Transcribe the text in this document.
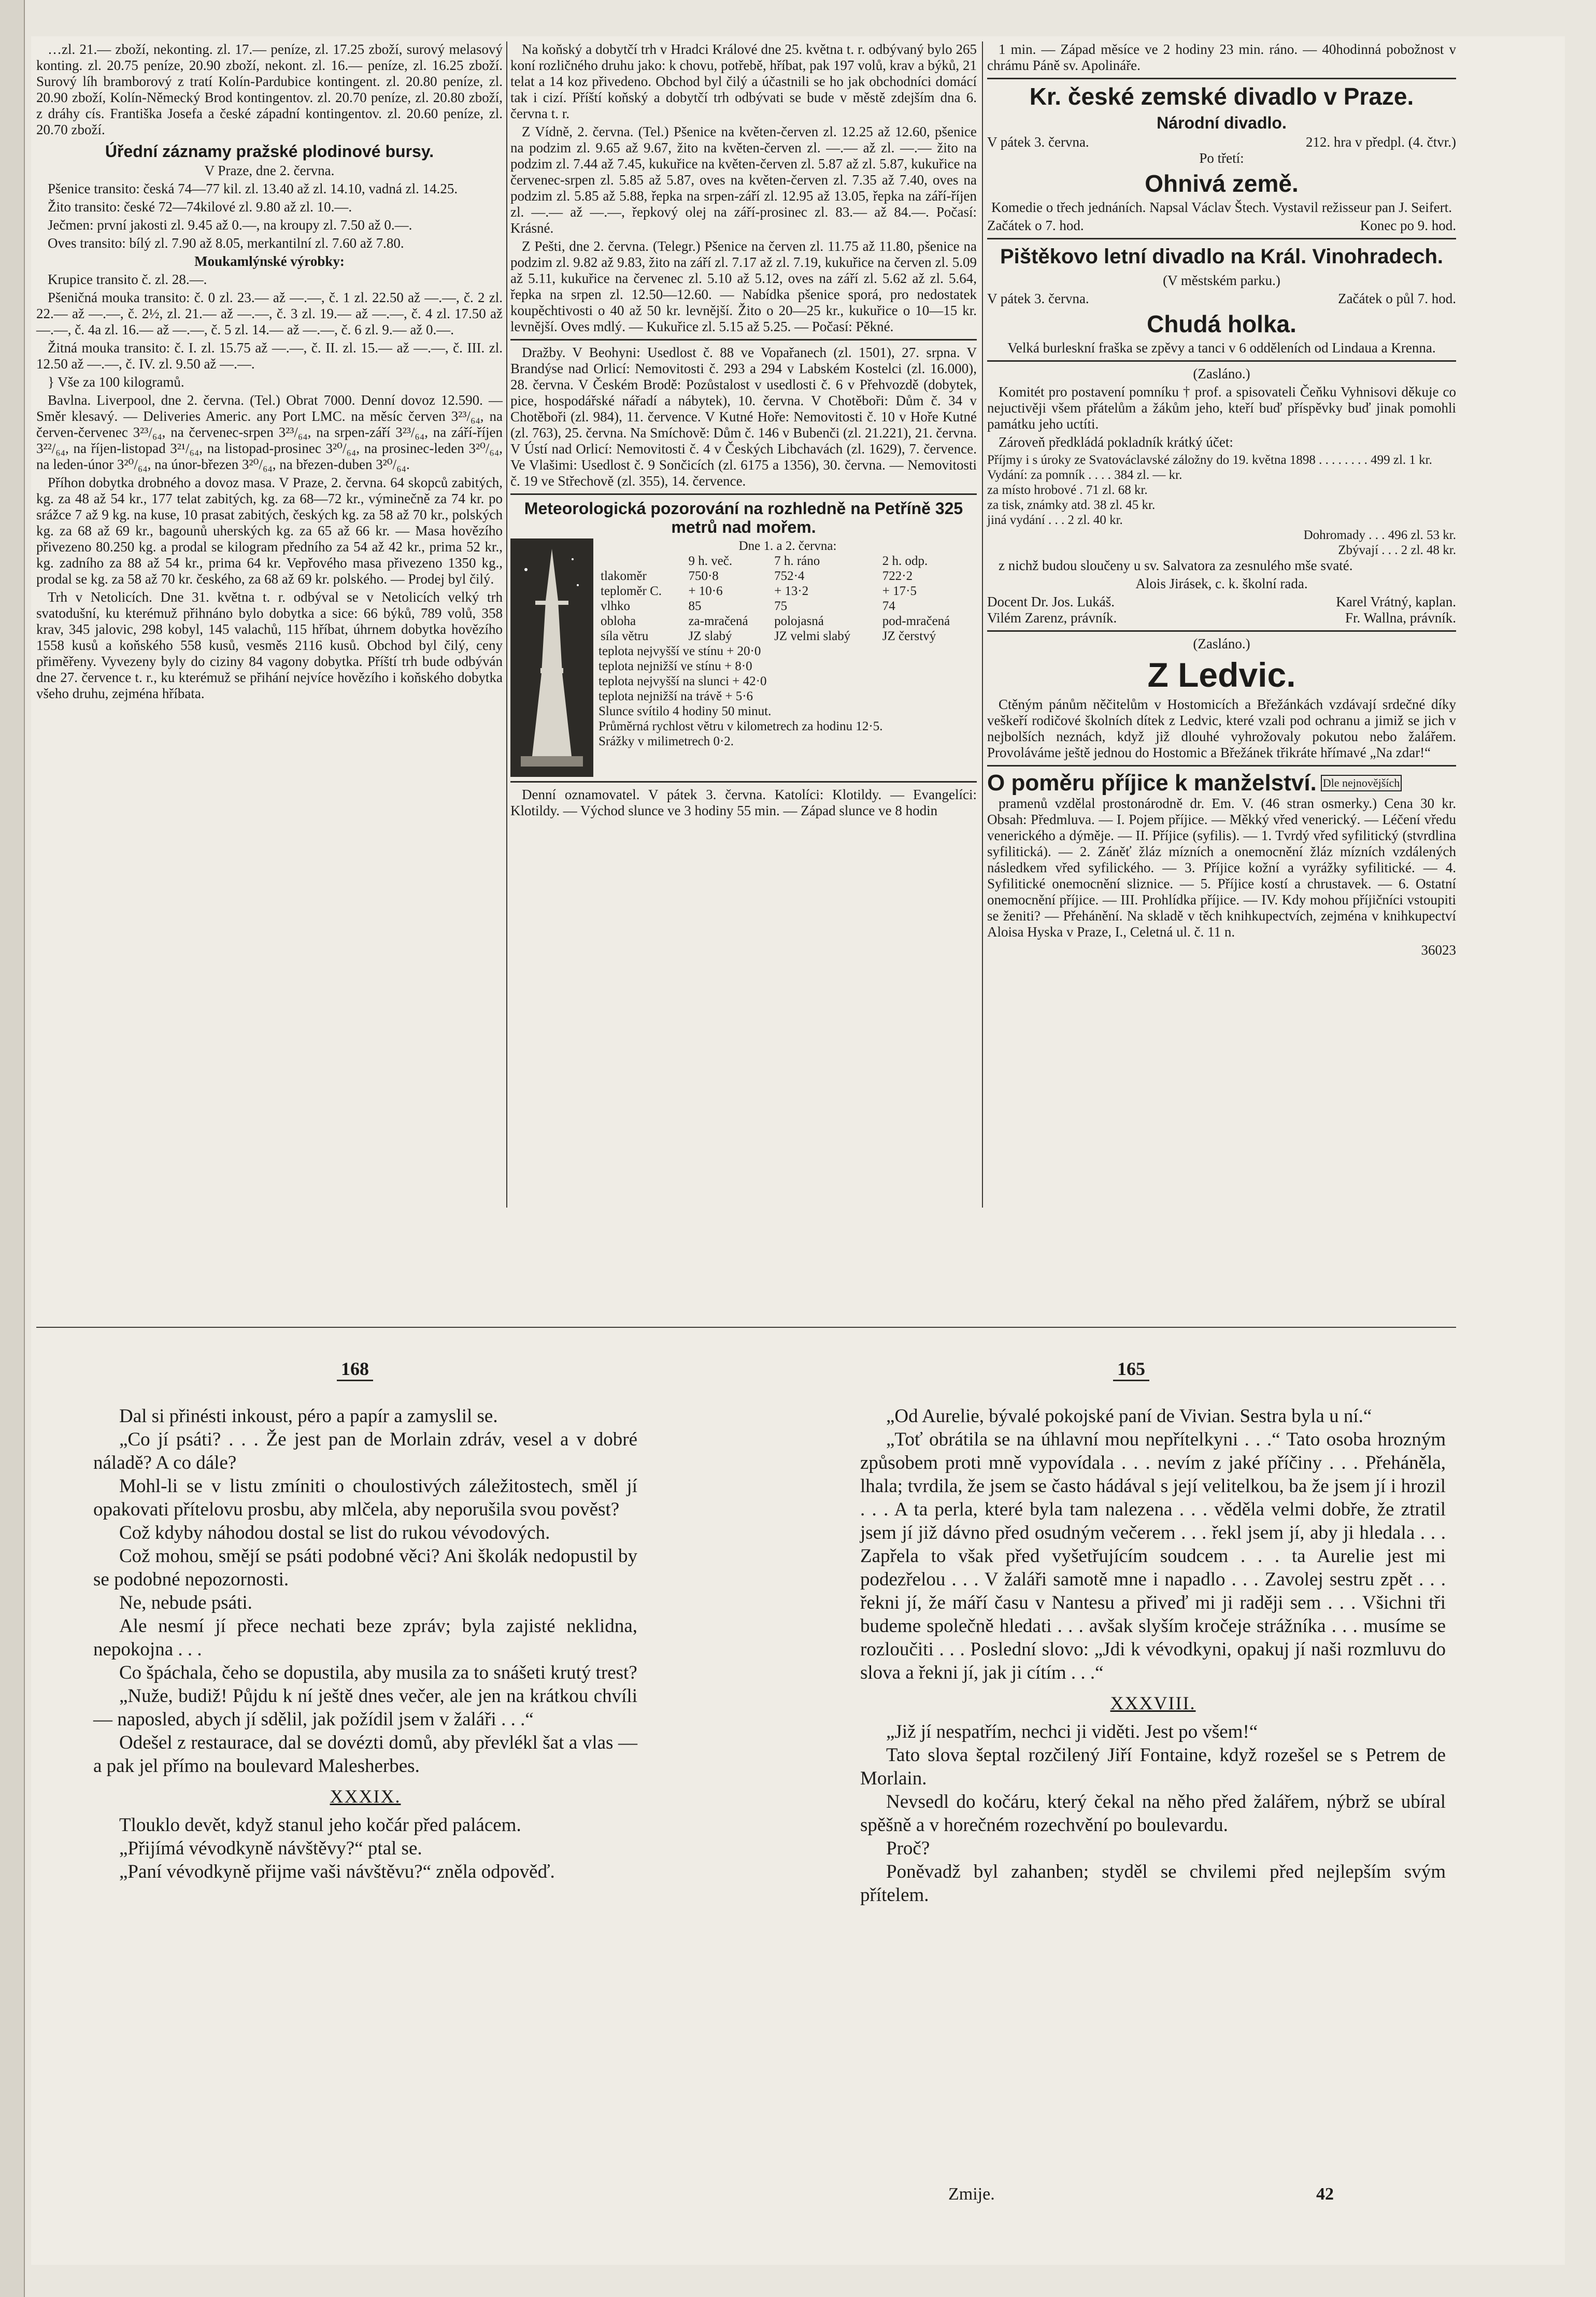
…zl. 21.— zboží, nekonting. zl. 17.— peníze, zl. 17.25 zboží, surový melasový konting. zl. 20.75 peníze, 20.90 zboží, nekont. zl. 16.— peníze, zl. 16.25 zboží. Surový líh bramborový z tratí Kolín-Pardubice kontingent. zl. 20.80 peníze, zl. 20.90 zboží, Kolín-Německý Brod kontingentov. zl. 20.70 peníze, zl. 20.80 zboží, z dráhy cís. Františka Josefa a české západní kontingentov. zl. 20.60 peníze, zl. 20.70 zboží.

Úřední záznamy pražské plodinové bursy.

V Praze, dne 2. června.

Pšenice transito: česká 74—77 kil. zl. 13.40 až zl. 14.10, vadná zl. 14.25.

Žito transito: české 72—74kilové zl. 9.80 až zl. 10.—.

Ječmen: první jakosti zl. 9.45 až 0.—, na kroupy zl. 7.50 až 0.—.

Oves transito: bílý zl. 7.90 až 8.05, merkantilní zl. 7.60 až 7.80.

Moukamlýnské výrobky:

Krupice transito č. zl. 28.—.

Pšeničná mouka transito: č. 0 zl. 23.— až —.—, č. 1 zl. 22.50 až —.—, č. 2 zl. 22.— až —.—, č. 2½, zl. 21.— až —.—, č. 3 zl. 19.— až —.—, č. 4 zl. 17.50 až —.—, č. 4a zl. 16.— až —.—, č. 5 zl. 14.— až —.—, č. 6 zl. 9.— až 0.—.

Žitná mouka transito: č. I. zl. 15.75 až —.—, č. II. zl. 15.— až —.—, č. III. zl. 12.50 až —.—, č. IV. zl. 9.50 až —.—.

} Vše za 100 kilogramů.

Bavlna. Liverpool, dne 2. června. (Tel.) Obrat 7000. Denní dovoz 12.590. — Směr klesavý. — Deliveries Americ. any Port LMC. na měsíc červen 3²³/₆₄, na červen-červenec 3²³/₆₄, na červenec-srpen 3²³/₆₄, na srpen-září 3²³/₆₄, na září-říjen 3²²/₆₄, na říjen-listopad 3²¹/₆₄, na listopad-prosinec 3²⁰/₆₄, na prosinec-leden 3²⁰/₆₄, na leden-únor 3²⁰/₆₄, na únor-březen 3²⁰/₆₄, na březen-duben 3²⁰/₆₄.

Příhon dobytka drobného a dovoz masa. V Praze, 2. června. 64 skopců zabitých, kg. za 48 až 54 kr., 177 telat zabitých, kg. za 68—72 kr., výminečně za 74 kr. po srážce 7 až 9 kg. na kuse, 10 prasat zabitých, českých kg. za 58 až 70 kr., polských kg. za 68 až 69 kr., bagounů uherských kg. za 65 až 66 kr. — Masa hovězího přivezeno 80.250 kg. a prodal se kilogram předního za 54 až 42 kr., prima 52 kr., kg. zadního za 88 až 54 kr., prima 64 kr. Vepřového masa přivezeno 1350 kg., prodal se kg. za 58 až 70 kr. českého, za 68 až 69 kr. polského. — Prodej byl čilý.

Trh v Netolicích. Dne 31. května t. r. odbýval se v Netolicích velký trh svatodušní, ku kterémuž přihnáno bylo dobytka a sice: 66 býků, 789 volů, 358 krav, 345 jalovic, 298 kobyl, 145 valachů, 115 hříbat, úhrnem dobytka hovězího 1558 kusů a koňského 558 kusů, vesměs 2116 kusů. Obchod byl čilý, ceny přiměřeny. Vyvezeny byly do ciziny 84 vagony dobytka. Příští trh bude odbýván dne 27. července t. r., ku kterémuž se přihání nejvíce hovězího i koňského dobytka všeho druhu, zejména hříbata.

Na koňský a dobytčí trh v Hradci Králové dne 25. května t. r. odbývaný bylo 265 koní rozličného druhu jako: k chovu, potřebě, hříbat, pak 197 volů, krav a býků, 21 telat a 14 koz přivedeno. Obchod byl čilý a účastnili se ho jak obchodníci domácí tak i cizí. Příští koňský a dobytčí trh odbývati se bude v městě zdejším dna 6. června t. r.

Z Vídně, 2. června. (Tel.) Pšenice na květen-červen zl. 12.25 až 12.60, pšenice na podzim zl. 9.65 až 9.67, žito na květen-červen zl. —.— až zl. —.— žito na podzim zl. 7.44 až 7.45, kukuřice na květen-červen zl. 5.87 až zl. 5.87, kukuřice na červenec-srpen zl. 5.85 až 5.87, oves na květen-červen zl. 7.35 až 7.40, oves na podzim zl. 5.85 až 5.88, řepka na srpen-září zl. 12.95 až 13.05, řepka na září-říjen zl. —.— až —.—, řepkový olej na září-prosinec zl. 83.— až 84.—. Počasí: Krásné.

Z Pešti, dne 2. června. (Telegr.) Pšenice na červen zl. 11.75 až 11.80, pšenice na podzim zl. 9.82 až 9.83, žito na září zl. 7.17 až zl. 7.19, kukuřice na červen zl. 5.09 až 5.11, kukuřice na červenec zl. 5.10 až 5.12, oves na září zl. 5.62 až zl. 5.64, řepka na srpen zl. 12.50—12.60. — Nabídka pšenice sporá, pro nedostatek koupěchtivosti o 40 až 50 kr. levnější. Žito o 20—25 kr., kukuřice o 10—15 kr. levnější. Oves mdlý. — Kukuřice zl. 5.15 až 5.25. — Počasí: Pěkné.

Dražby. V Beohyni: Usedlost č. 88 ve Vopařanech (zl. 1501), 27. srpna. V Brandýse nad Orlicí: Nemovitosti č. 293 a 294 v Labském Kostelci (zl. 16.000), 28. června. V Českém Brodě: Pozůstalost v usedlosti č. 6 v Přehvozdě (dobytek, pice, hospodářské nářadí a nábytek), 10. června. V Chotěboři: Dům č. 34 v Chotěboři (zl. 984), 11. července. V Kutné Hoře: Nemovitosti č. 10 v Hoře Kutné (zl. 763), 25. června. Na Smíchově: Dům č. 146 v Bubenči (zl. 21.221), 21. června. V Ústí nad Orlicí: Nemovitosti č. 4 v Českých Libchavách (zl. 1629), 7. července. Ve Vlašimi: Usedlost č. 9 Sončicích (zl. 6175 a 1356), 30. června. — Nemovitosti č. 19 ve Střechově (zl. 355), 14. července.

Meteorologická pozorování na rozhledně na Petříně 325 metrů nad mořem.
Dne 1. a 2. června:
	9 h. več.	7 h. ráno	2 h. odp.
tlakoměr	750·8	752·4	722·2
teploměr C.	+ 10·6	+ 13·2	+ 17·5
vlhko	85	75	74
obloha	za-mračená	polojasná	pod-mračená
síla větru	JZ slabý	JZ velmi slabý	JZ čerstvý
teplota nejvyšší ve stínu + 20·0
teplota nejnižší ve stínu + 8·0
teplota nejvyšší na slunci + 42·0
teplota nejnižší na trávě + 5·6
Slunce svítilo 4 hodiny 50 minut.
Průměrná rychlost větru v kilometrech za hodinu 12·5.
Srážky v milimetrech 0·2.

Denní oznamovatel. V pátek 3. června. Katolíci: Klotildy. — Evangelíci: Klotildy. — Východ slunce ve 3 hodiny 55 min. — Západ slunce ve 8 hodin

1 min. — Západ měsíce ve 2 hodiny 23 min. ráno. — 40hodinná pobožnost v chrámu Páně sv. Apolináře.

Kr. české zemské divadlo v Praze.
Národní divadlo.
V pátek 3. června.	212. hra v předpl. (4. čtvr.)

Po třetí:

Ohnivá země.

Komedie o třech jednáních. Napsal Václav Štech. Vystavil režisseur pan J. Seifert.

Začátek o 7. hod.	Konec po 9. hod.
Pištěkovo letní divadlo na Král. Vinohradech.

(V městském parku.)

V pátek 3. června.	Začátek o půl 7. hod.
Chudá holka.

Velká burleskní fraška se zpěvy a tanci v 6 odděleních od Lindaua a Krenna.

(Zasláno.)

Komitét pro postavení pomníku † prof. a spisovateli Čeňku Vyhnisovi děkuje co nejuctivěji všem přátelům a žákům jeho, kteří buď příspěvky buď jinak pomohli památku jeho uctíti.

Zároveň předkládá pokladník krátký účet:

Příjmy i s úroky ze Svatováclavské záložny do 19. května 1898 . . . . . . . . 499 zl. 1 kr.
Vydání: za pomník . . . . 384 zl. — kr.
za místo hrobové . 71 zl. 68 kr.
za tisk, známky atd. 38 zl. 45 kr.
jiná vydání . . . 2 zl. 40 kr.
Dohromady . . . 496 zl. 53 kr.
Zbývají . . . 2 zl. 48 kr.

z nichž budou sloučeny u sv. Salvatora za zesnulého mše svaté.

Alois Jirásek, c. k. školní rada.

Docent Dr. Jos. Lukáš.	Karel Vrátný, kaplan.
Vilém Zarenz, právník.	Fr. Wallna, právník.

(Zasláno.)

Z Ledvic.

Ctěným pánům něčitelům v Hostomicích a Břežánkách vzdávají srdečné díky veškeří rodičové školních dítek z Ledvic, které vzali pod ochranu a jimiž se jich v nejbolších neznách, když již dlouhé vyhrožovaly pokutou nebo žalářem. Provoláváme ještě jednou do Hostomic a Břežánek třikráte hřímavé „Na zdar!“

O poměru příjice k manželství. Dle nejnovějších

pramenů vzdělal prostonárodně dr. Em. V. (46 stran osmerky.) Cena 30 kr. Obsah: Předmluva. — I. Pojem příjice. — Měkký vřed venerický. — Léčení vředu venerického a dýměje. — II. Příjice (syfilis). — 1. Tvrdý vřed syfilitický (stvrdlina syfilitická). — 2. Záněť žláz mízních a onemocnění žláz mízních vzdálených následkem vřed syfilického. — 3. Příjice kožní a vyrážky syfilitické. — 4. Syfilitické onemocnění sliznice. — 5. Příjice kostí a chrustavek. — 6. Ostatní onemocnění příjice. — III. Prohlídka příjice. — IV. Kdy mohou příjičníci vstoupiti se ženiti? — Přehánění. Na skladě v těch knihkupectvích, zejména v knihkupectví Aloisa Hyska v Praze, I., Celetná ul. č. 11 n.

36023

168	165

Dal si přinésti inkoust, péro a papír a zamyslil se.

„Co jí psáti? . . . Že jest pan de Morlain zdráv, vesel a v dobré náladě? A co dále?

Mohl-li se v listu zmíniti o choulostivých záležitostech, směl jí opakovati přítelovu prosbu, aby mlčela, aby neporušila svou pověst?

Což kdyby náhodou dostal se list do rukou vévodových.

Což mohou, smějí se psáti podobné věci? Ani školák nedopustil by se podobné nepozornosti.

Ne, nebude psáti.

Ale nesmí jí přece nechati beze zpráv; byla zajisté neklidna, nepokojna . . .

Co špáchala, čeho se dopustila, aby musila za to snášeti krutý trest?

„Nuže, budiž! Půjdu k ní ještě dnes večer, ale jen na krátkou chvíli — naposled, abych jí sdělil, jak požídil jsem v žaláři . . .“

Odešel z restaurace, dal se dovézti domů, aby převlékl šat a vlas — a pak jel přímo na boulevard Malesherbes.

XXXIX.

Tlouklo devět, když stanul jeho kočár před palácem.

„Přijímá vévodkyně návštěvy?“ ptal se.

„Paní vévodkyně přijme vaši návštěvu?“ zněla odpověď.

„Od Aurelie, bývalé pokojské paní de Vivian. Sestra byla u ní.“

„Toť obrátila se na úhlavní mou nepřítelkyni . . .“ Tato osoba hrozným způsobem proti mně vypovídala . . . nevím z jaké příčiny . . . Přeháněla, lhala; tvrdila, že jsem se často hádával s její velitelkou, ba že jsem jí i hrozil . . . A ta perla, které byla tam nalezena . . . věděla velmi dobře, že ztratil jsem jí již dávno před osudným večerem . . . řekl jsem jí, aby ji hledala . . . Zapřela to však před vyšetřujícím soudcem . . . ta Aurelie jest mi podezřelou . . . V žaláři samotě mne i napadlo . . . Zavolej sestru zpět . . . řekni jí, že máří času v Nantesu a přiveď mi ji raději sem . . . Všichni tři budeme společně hledati . . . avšak slyším kročeje strážníka . . . musíme se rozloučiti . . . Poslední slovo: „Jdi k vévodkyni, opakuj jí naši rozmluvu do slova a řekni jí, jak ji cítím . . .“

XXXVIII.

„Již jí nespatřím, nechci ji viděti. Jest po všem!“

Tato slova šeptal rozčilený Jiří Fontaine, když rozešel se s Petrem de Morlain.

Nevsedl do kočáru, který čekal na něho před žalářem, nýbrž se ubíral spěšně a v horečném rozechvění po boulevardu.

Proč?

Poněvadž byl zahanben; styděl se chvilemi před nejlepším svým přítelem.

Zmije.	42
